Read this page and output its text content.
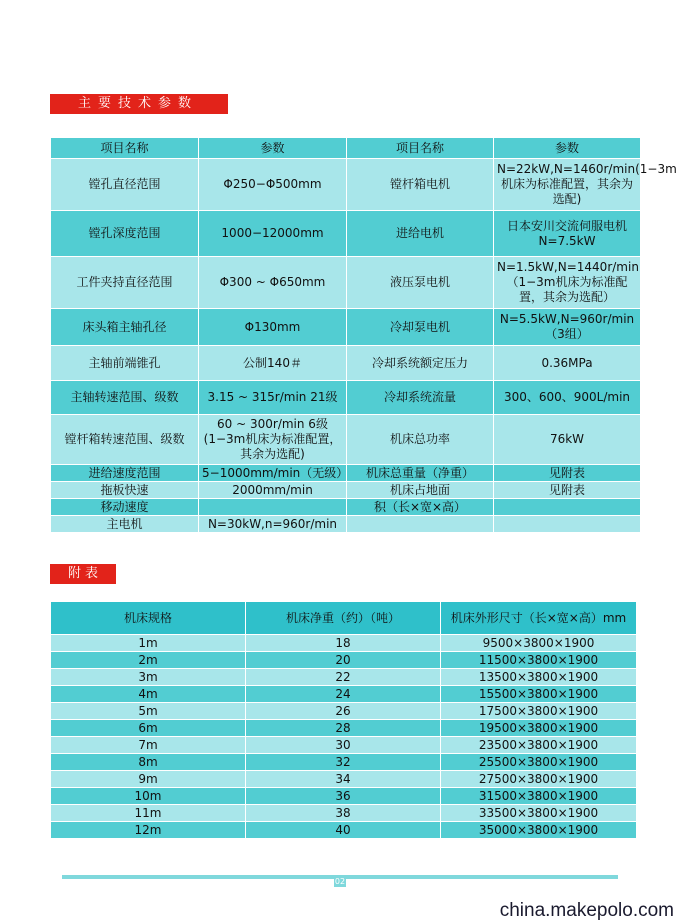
主要技术参数
项目名称	参数	项目名称	参数
镗孔直径范围	Φ250−Φ500mm	镗杆箱电机	N=22kW,N=1460r/min(1−3m机床为标准配置，其余为选配)
镗孔深度范围	1000−12000mm	进给电机	日本安川交流伺服电机N=7.5kW
工件夹持直径范围	Φ300 ~ Φ650mm	液压泵电机	N=1.5kW,N=1440r/min（1−3m机床为标准配置，其余为选配）
床头箱主轴孔径	Φ130mm	冷却泵电机	N=5.5kW,N=960r/min（3组）
主轴前端锥孔	公制140＃	冷却系统额定压力	0.36MPa
主轴转速范围、级数	3.15 ~ 315r/min 21级	冷却系统流量	300、600、900L/min
镗杆箱转速范围、级数	60 ~ 300r/min 6级(1−3m机床为标准配置，其余为选配)	机床总功率	76kW
进给速度范围	5−1000mm/min（无级）	机床总重量（净重）	见附表
拖板快速	2000mm/min	机床占地面	见附表
移动速度		积（长×宽×高）	
主电机	N=30kW,n=960r/min		
附表
机床规格	机床净重（约）（吨）	机床外形尺寸（长×宽×高）mm
1m	18	9500×3800×1900
2m	20	11500×3800×1900
3m	22	13500×3800×1900
4m	24	15500×3800×1900
5m	26	17500×3800×1900
6m	28	19500×3800×1900
7m	30	23500×3800×1900
8m	32	25500×3800×1900
9m	34	27500×3800×1900
10m	36	31500×3800×1900
11m	38	33500×3800×1900
12m	40	35000×3800×1900
02
china.makepolo.com
